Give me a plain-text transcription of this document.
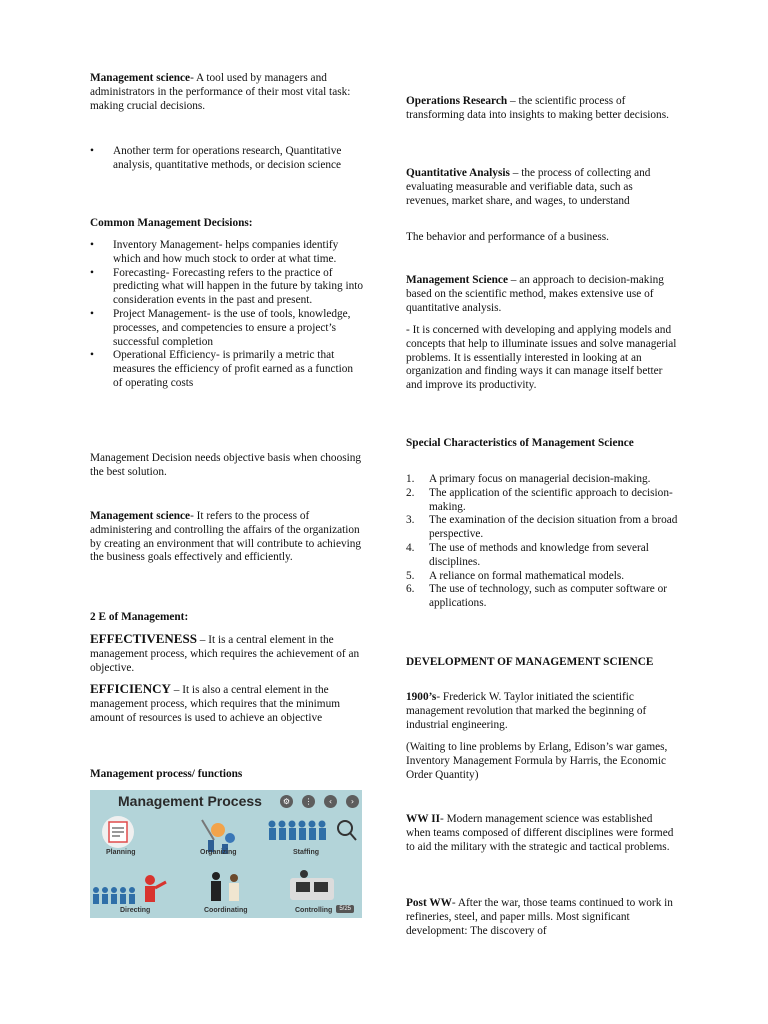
Management science- A tool used by managers and administrators in the performance of their most vital task: making crucial decisions.

• Another term for operations research, Quantitative analysis, quantitative methods, or decision science

Common Management Decisions:

• Inventory Management- helps companies identify which and how much stock to order at what time.
• Forecasting- Forecasting refers to the practice of predicting what will happen in the future by taking into consideration events in the past and present.
• Project Management- is the use of tools, knowledge, processes, and competencies to ensure a project’s successful completion
• Operational Efficiency- is primarily a metric that measures the efficiency of profit earned as a function of operating costs

Management Decision needs objective basis when choosing the best solution.

Management science- It refers to the process of administering and controlling the affairs of the organization by creating an environment that will contribute to achieving the business goals effectively and efficiently.

2 E of Management:

EFFECTIVENESS – It is a central element in the management process, which requires the achievement of an objective.

EFFICIENCY – It is also a central element in the management process, which requires that the minimum amount of resources is used to achieve an objective

Management process/ functions

Management Process	⚙	⋮	‹	›
Planning	Organizing	Staffing
Directing	Coordinating	Controlling	5/25

Operations Research – the scientific process of transforming data into insights to making better decisions.

Quantitative Analysis – the process of collecting and evaluating measurable and verifiable data, such as revenues, market share, and wages, to understand

The behavior and performance of a business.

Management Science – an approach to decision-making based on the scientific method, makes extensive use of quantitative analysis.

- It is concerned with developing and applying models and concepts that help to illuminate issues and solve managerial problems. It is essentially interested in looking at an organization and finding ways it can manage itself better and improve its productivity.

Special Characteristics of Management Science

1. A primary focus on managerial decision-making.
2. The application of the scientific approach to decision-making.
3. The examination of the decision situation from a broad perspective.
4. The use of methods and knowledge from several disciplines.
5. A reliance on formal mathematical models.
6. The use of technology, such as computer software or applications.

DEVELOPMENT OF MANAGEMENT SCIENCE

1900’s- Frederick W. Taylor initiated the scientific management revolution that marked the beginning of industrial engineering.

(Waiting to line problems by Erlang, Edison’s war games, Inventory Management Formula by Harris, the Economic Order Quantity)

WW II- Modern management science was established when teams composed of different disciplines were formed to aid the military with the strategic and tactical problems.

Post WW- After the war, those teams continued to work in refineries, steel, and paper mills. Most significant development: The discovery of
